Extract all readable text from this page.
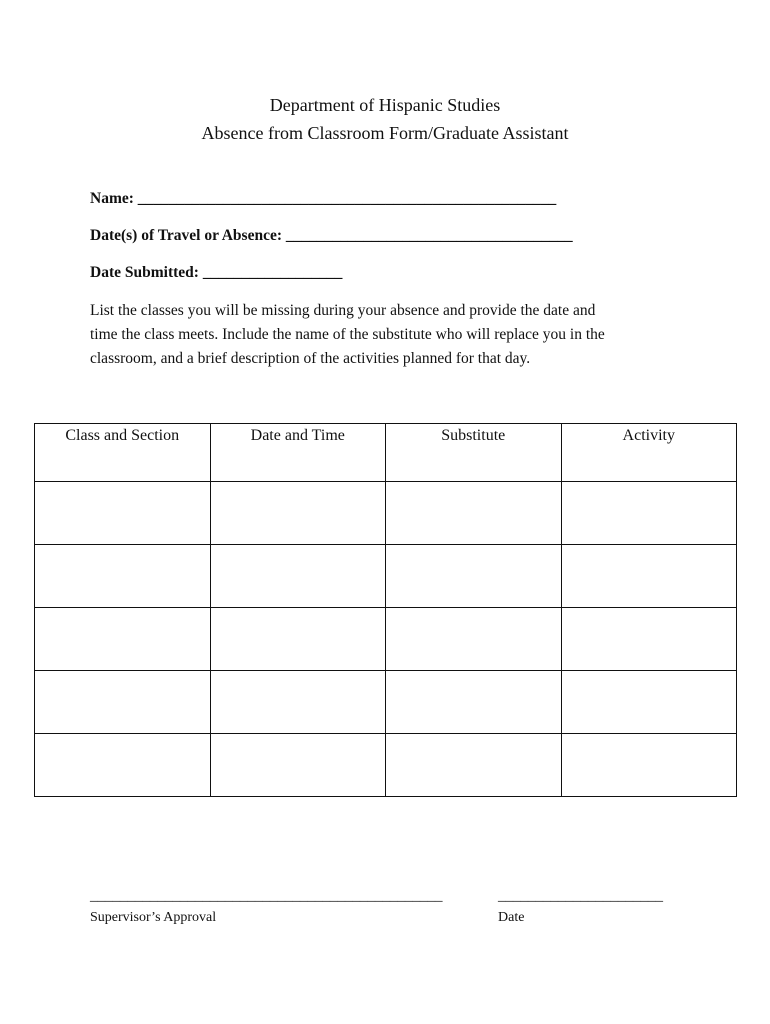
Department of Hispanic Studies
Absence from Classroom Form/Graduate Assistant
Name: ______________________________________________________
Date(s) of Travel or Absence: _____________________________________
Date Submitted: __________________
List the classes you will be missing during your absence and provide the date and
time the class meets. Include the name of the substitute who will replace you in the
classroom, and a brief description of the activities planned for that day.
Class and Section	Date and Time	Substitute	Activity

_______________________________________________	______________________
Supervisor’s Approval	Date
